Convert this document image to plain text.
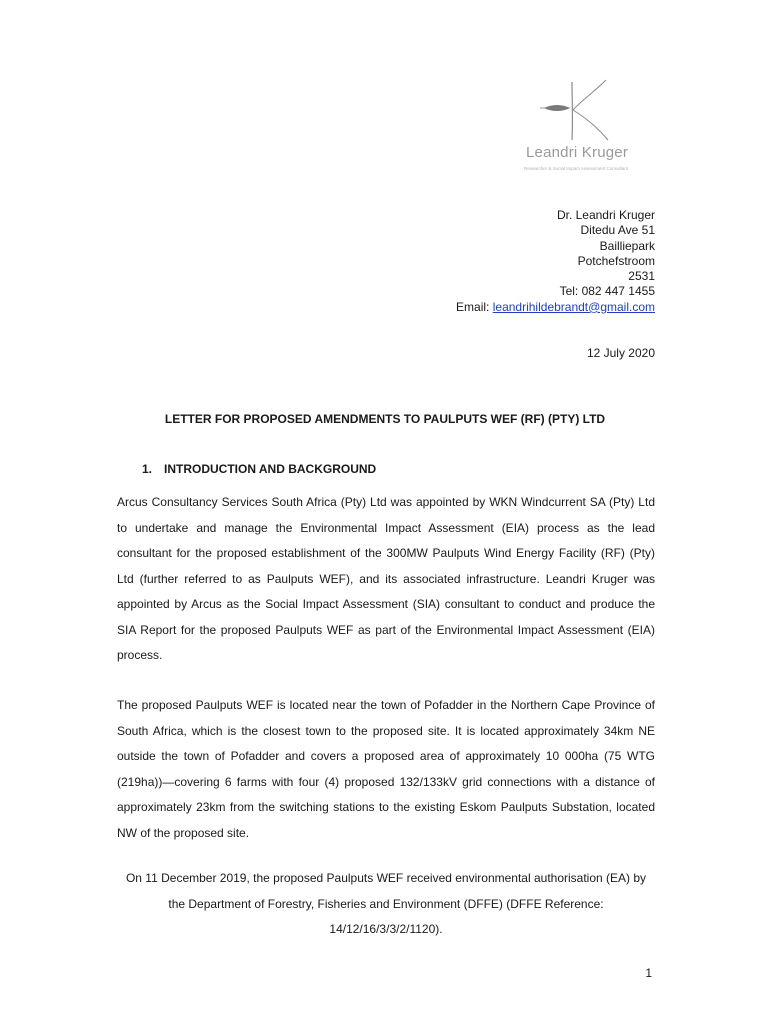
Leandri Kruger
Researcher & Social Impact Assessment Consultant
Dr. Leandri Kruger
Ditedu Ave 51
Bailliepark
Potchefstroom
2531
Tel: 082 447 1455
Email: leandrihildebrandt@gmail.com
12 July 2020
LETTER FOR PROPOSED AMENDMENTS TO PAULPUTS WEF (RF) (PTY) LTD
1. INTRODUCTION AND BACKGROUND
Arcus Consultancy Services South Africa (Pty) Ltd was appointed by WKN Windcurrent SA (Pty) Ltd to undertake and manage the Environmental Impact Assessment (EIA) process as the lead consultant for the proposed establishment of the 300MW Paulputs Wind Energy Facility (RF) (Pty) Ltd (further referred to as Paulputs WEF), and its associated infrastructure. Leandri Kruger was appointed by Arcus as the Social Impact Assessment (SIA) consultant to conduct and produce the SIA Report for the proposed Paulputs WEF as part of the Environmental Impact Assessment (EIA) process.
The proposed Paulputs WEF is located near the town of Pofadder in the Northern Cape Province of South Africa, which is the closest town to the proposed site. It is located approximately 34km NE outside the town of Pofadder and covers a proposed area of approximately 10 000ha (75 WTG (219ha))—covering 6 farms with four (4) proposed 132/133kV grid connections with a distance of approximately 23km from the switching stations to the existing Eskom Paulputs Substation, located NW of the proposed site.
On 11 December 2019, the proposed Paulputs WEF received environmental authorisation (EA) by the Department of Forestry, Fisheries and Environment (DFFE) (DFFE Reference: 14/12/16/3/3/2/1120).
1
